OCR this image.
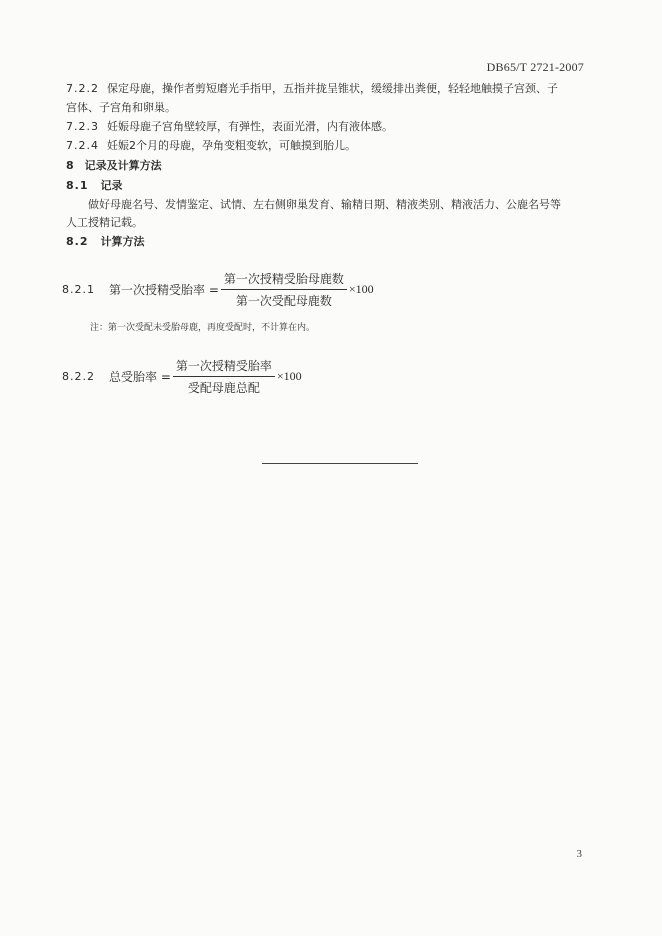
DB65/T 2721-2007
7.2.2 保定母鹿，操作者剪短磨光手指甲，五指并拢呈锥状，缓缓排出粪便，轻轻地触摸子宫颈、子
宫体、子宫角和卵巢。
7.2.3 妊娠母鹿子宫角壁较厚，有弹性，表面光滑，内有液体感。
7.2.4 妊娠2个月的母鹿，孕角变粗变软，可触摸到胎儿。
8 记录及计算方法
8.1 记录
做好母鹿名号、发情鉴定、试情、左右侧卵巢发育、输精日期、精液类别、精液活力、公鹿名号等
人工授精记载。
8.2 计算方法
8.2.1 第一次授精受胎率 = $\frac{\text{第一次授精受胎母鹿数}}{\text{第一次受配母鹿数}} \times 100$
注：第一次受配未受胎母鹿，再度受配时，不计算在内。
8.2.2 总受胎率 = $\frac{\text{第一次授精受胎率}}{\text{受配母鹿总配}} \times 100$
3
